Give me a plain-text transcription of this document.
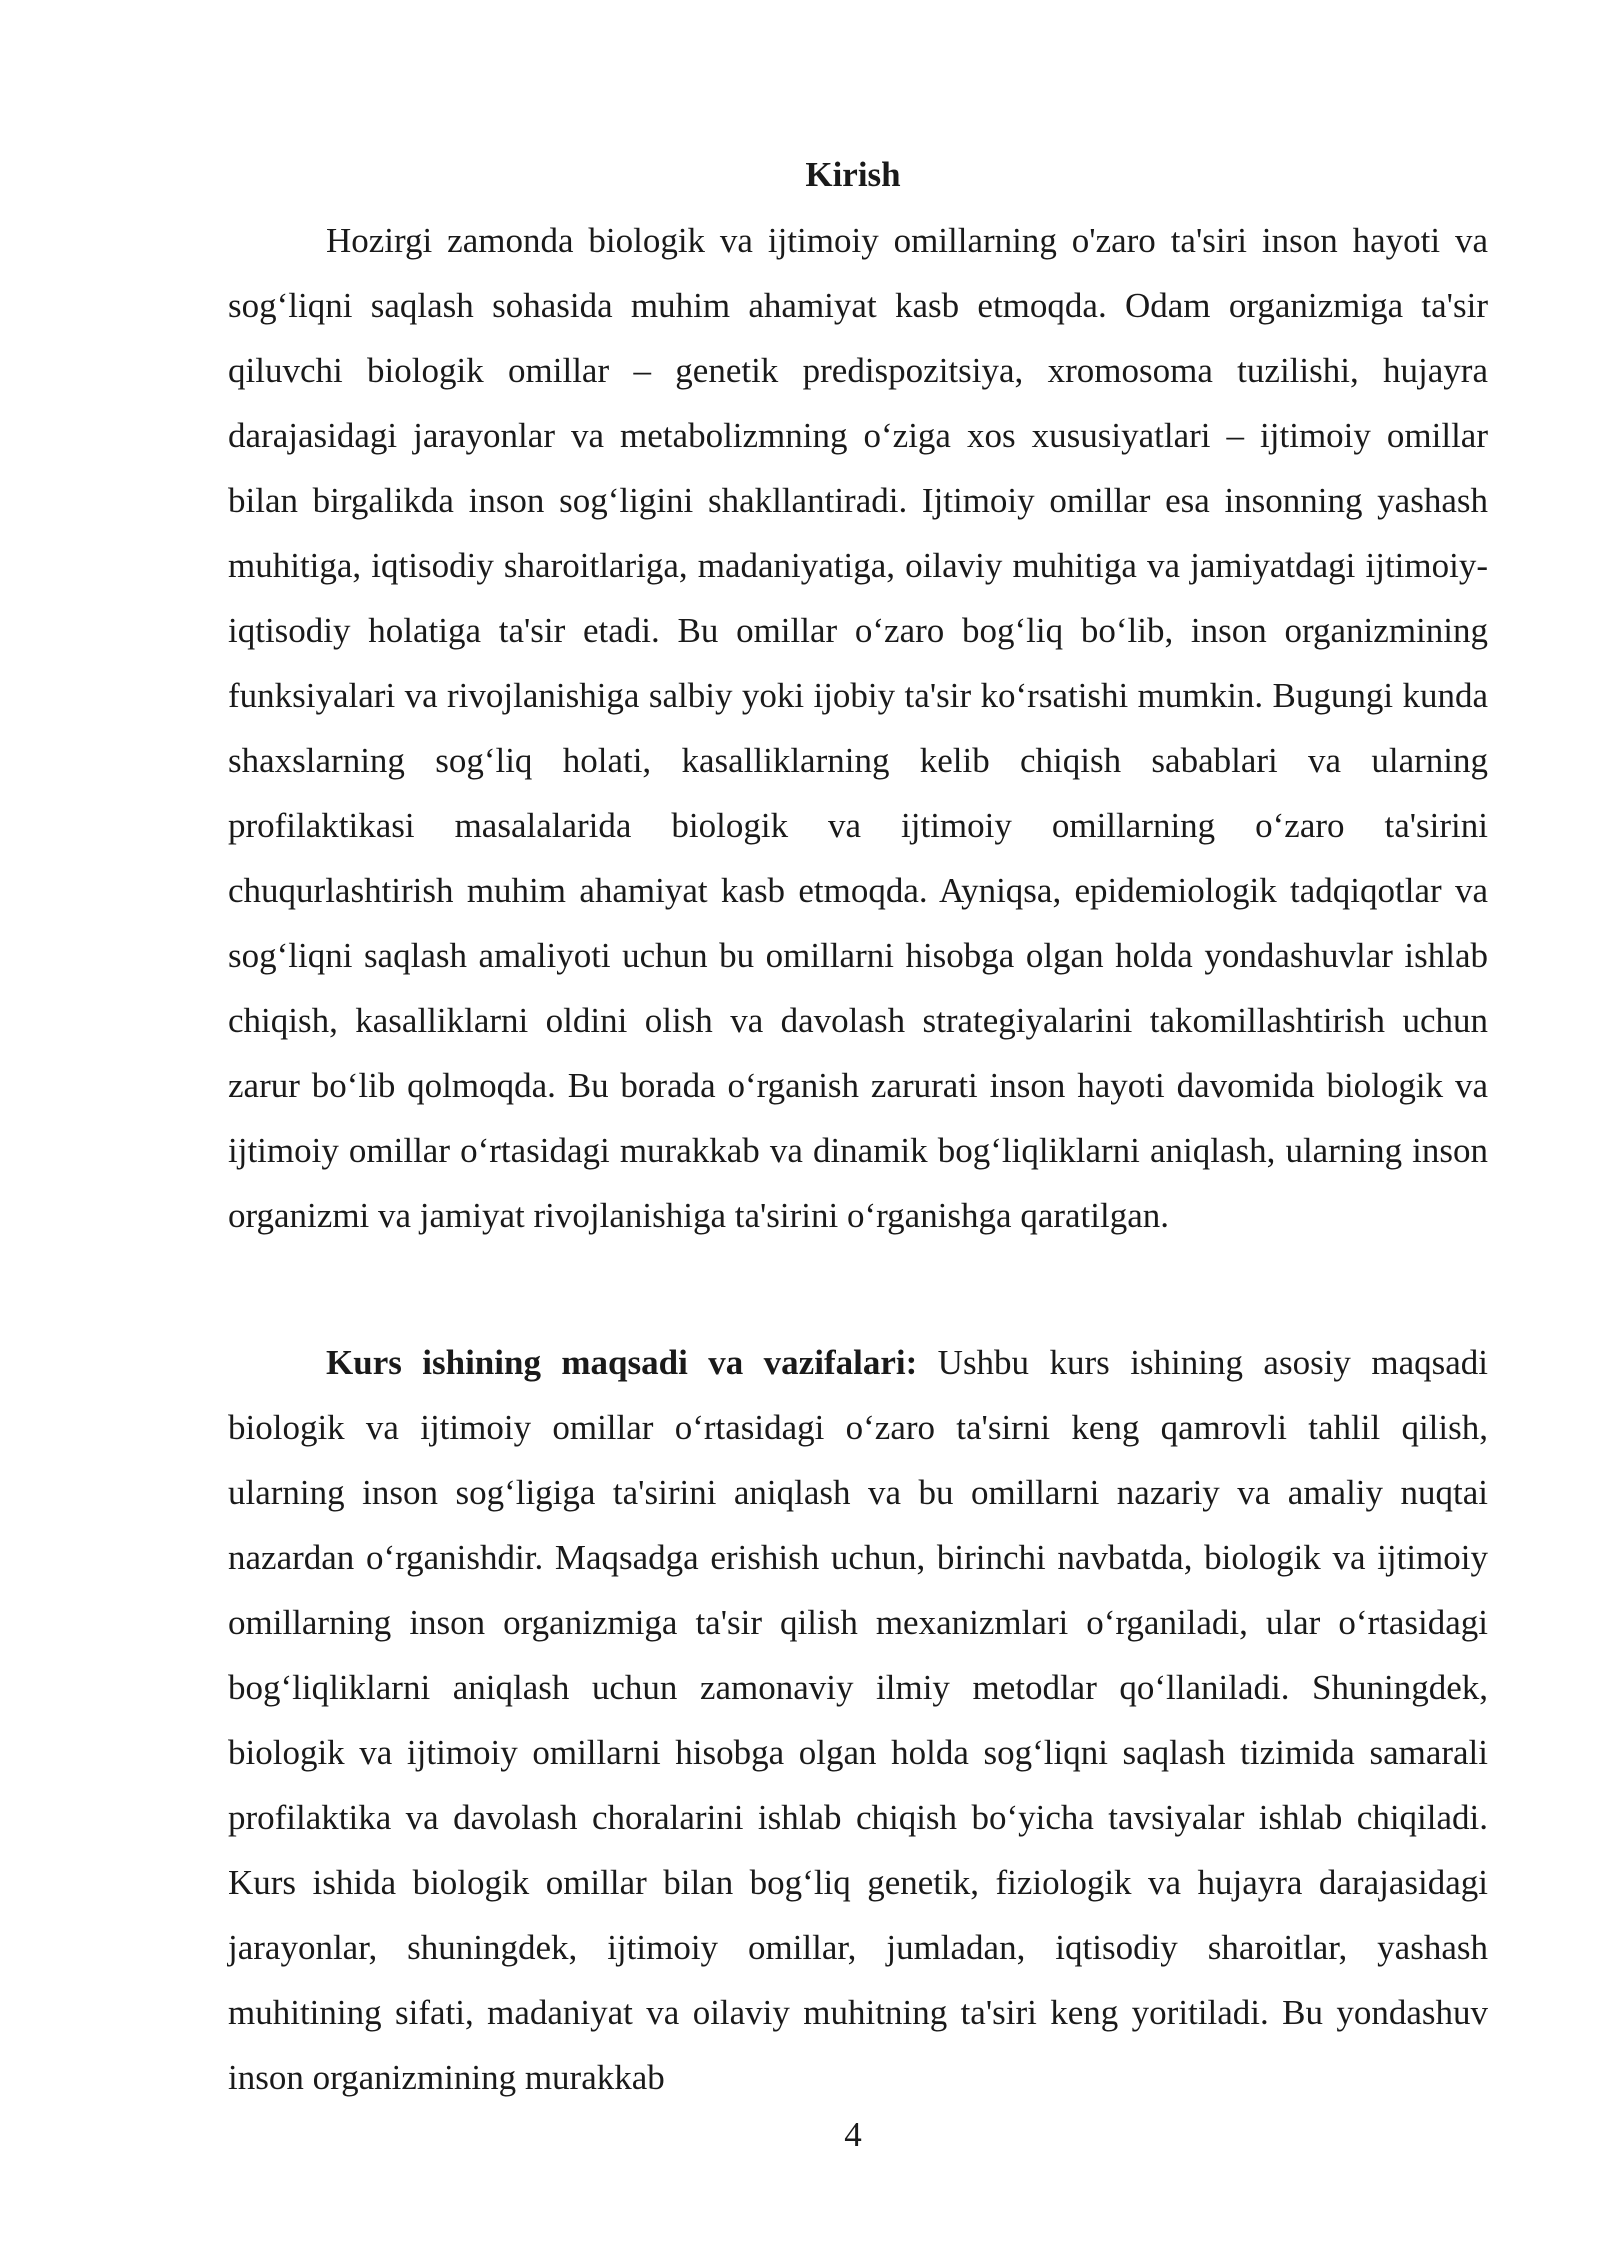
Kirish

Hozirgi zamonda biologik va ijtimoiy omillarning o'zaro ta'siri inson hayoti va sog‘liqni saqlash sohasida muhim ahamiyat kasb etmoqda. Odam organizmiga ta'sir qiluvchi biologik omillar – genetik predispozitsiya, xromosoma tuzilishi, hujayra darajasidagi jarayonlar va metabolizmning o‘ziga xos xususiyatlari – ijtimoiy omillar bilan birgalikda inson sog‘ligini shakllantiradi. Ijtimoiy omillar esa insonning yashash muhitiga, iqtisodiy sharoitlariga, madaniyatiga, oilaviy muhitiga va jamiyatdagi ijtimoiy-iqtisodiy holatiga ta'sir etadi. Bu omillar o‘zaro bog‘liq bo‘lib, inson organizmining funksiyalari va rivojlanishiga salbiy yoki ijobiy ta'sir ko‘rsatishi mumkin. Bugungi kunda shaxslarning sog‘liq holati, kasalliklarning kelib chiqish sabablari va ularning profilaktikasi masalalarida biologik va ijtimoiy omillarning o‘zaro ta'sirini chuqurlashtirish muhim ahamiyat kasb etmoqda. Ayniqsa, epidemiologik tadqiqotlar va sog‘liqni saqlash amaliyoti uchun bu omillarni hisobga olgan holda yondashuvlar ishlab chiqish, kasalliklarni oldini olish va davolash strategiyalarini takomillashtirish uchun zarur bo‘lib qolmoqda. Bu borada o‘rganish zarurati inson hayoti davomida biologik va ijtimoiy omillar o‘rtasidagi murakkab va dinamik bog‘liqliklarni aniqlash, ularning inson organizmi va jamiyat rivojlanishiga ta'sirini o‘rganishga qaratilgan.

Kurs ishining maqsadi va vazifalari: Ushbu kurs ishining asosiy maqsadi biologik va ijtimoiy omillar o‘rtasidagi o‘zaro ta'sirni keng qamrovli tahlil qilish, ularning inson sog‘ligiga ta'sirini aniqlash va bu omillarni nazariy va amaliy nuqtai nazardan o‘rganishdir. Maqsadga erishish uchun, birinchi navbatda, biologik va ijtimoiy omillarning inson organizmiga ta'sir qilish mexanizmlari o‘rganiladi, ular o‘rtasidagi bog‘liqliklarni aniqlash uchun zamonaviy ilmiy metodlar qo‘llaniladi. Shuningdek, biologik va ijtimoiy omillarni hisobga olgan holda sog‘liqni saqlash tizimida samarali profilaktika va davolash choralarini ishlab chiqish bo‘yicha tavsiyalar ishlab chiqiladi. Kurs ishida biologik omillar bilan bog‘liq genetik, fiziologik va hujayra darajasidagi jarayonlar, shuningdek, ijtimoiy omillar, jumladan, iqtisodiy sharoitlar, yashash muhitining sifati, madaniyat va oilaviy muhitning ta'siri keng yoritiladi. Bu yondashuv inson organizmining murakkab

4
